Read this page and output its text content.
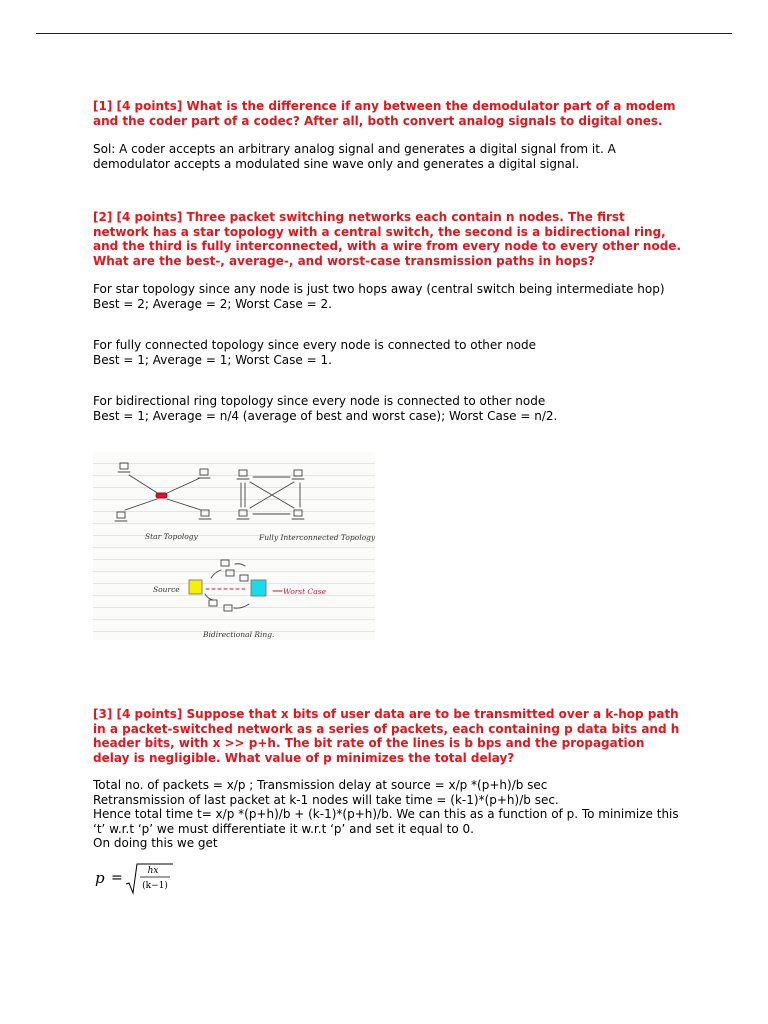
[1] [4 points] What is the difference if any between the demodulator part of a modem and the coder part of a codec? After all, both convert analog signals to digital ones.

Sol: A coder accepts an arbitrary analog signal and generates a digital signal from it. A demodulator accepts a modulated sine wave only and generates a digital signal.

[2] [4 points] Three packet switching networks each contain n nodes. The first network has a star topology with a central switch, the second is a bidirectional ring, and the third is fully interconnected, with a wire from every node to every other node. What are the best-, average-, and worst-case transmission paths in hops?

For star topology since any node is just two hops away (central switch being intermediate hop)
Best = 2; Average = 2; Worst Case = 2.
For fully connected topology since every node is connected to other node
Best = 1; Average = 1; Worst Case = 1.
For bidirectional ring topology since every node is connected to other node
Best = 1; Average = n/4 (average of best and worst case); Worst Case = n/2.

[3] [4 points] Suppose that x bits of user data are to be transmitted over a k-hop path in a packet-switched network as a series of packets, each containing p data bits and h header bits, with x >> p+h. The bit rate of the lines is b bps and the propagation delay is negligible. What value of p minimizes the total delay?

Total no. of packets = x/p ; Transmission delay at source = x/p *(p+h)/b sec
Retransmission of last packet at k-1 nodes will take time = (k-1)*(p+h)/b sec.
Hence total time t= x/p *(p+h)/b + (k-1)*(p+h)/b. We can this as a function of p. To minimize this
‘t’ w.r.t ‘p’ we must differentiate it w.r.t ‘p’ and set it equal to 0.
On doing this we get
Star Topology	Fully Interconnected Topology
Source	Worst Case
Bidirectional Ring.
p =	hx
(k−1)
